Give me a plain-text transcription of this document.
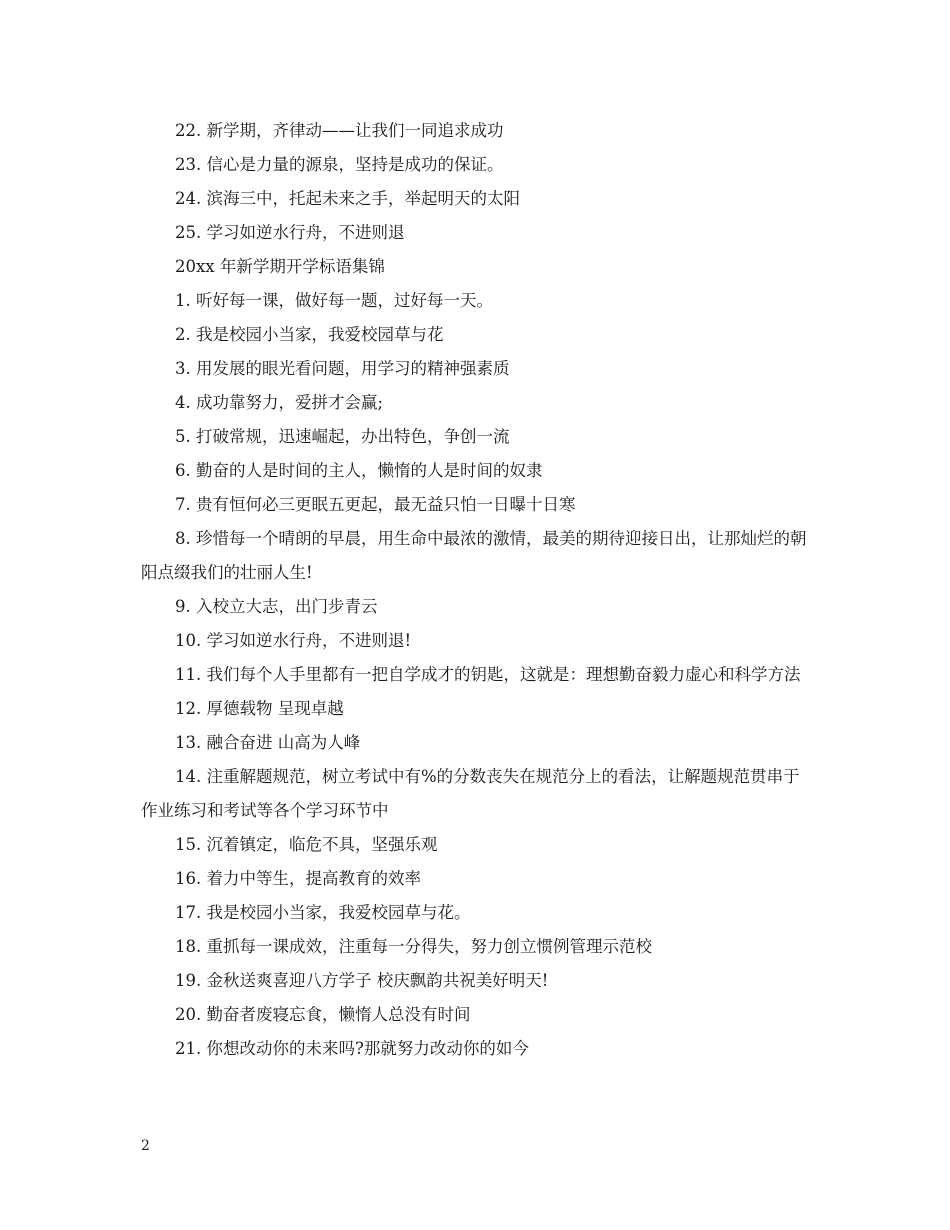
22. 新学期，齐律动——让我们一同追求成功

23. 信心是力量的源泉，坚持是成功的保证。

24. 滨海三中，托起未来之手，举起明天的太阳

25. 学习如逆水行舟，不进则退

20xx 年新学期开学标语集锦

1. 听好每一课，做好每一题，过好每一天。

2. 我是校园小当家，我爱校园草与花

3. 用发展的眼光看问题，用学习的精神强素质

4. 成功靠努力，爱拼才会赢;

5. 打破常规，迅速崛起，办出特色，争创一流

6. 勤奋的人是时间的主人，懒惰的人是时间的奴隶

7. 贵有恒何必三更眠五更起，最无益只怕一日曝十日寒

8. 珍惜每一个晴朗的早晨，用生命中最浓的激情，最美的期待迎接日出，让那灿烂的朝阳点缀我们的壮丽人生!

9. 入校立大志，出门步青云

10. 学习如逆水行舟，不进则退!

11. 我们每个人手里都有一把自学成才的钥匙，这就是：理想勤奋毅力虚心和科学方法

12. 厚德载物 呈现卓越

13. 融合奋进 山高为人峰

14. 注重解题规范，树立考试中有%的分数丧失在规范分上的看法，让解题规范贯串于作业练习和考试等各个学习环节中

15. 沉着镇定，临危不具，坚强乐观

16. 着力中等生，提高教育的效率

17. 我是校园小当家，我爱校园草与花。

18. 重抓每一课成效，注重每一分得失，努力创立惯例管理示范校

19. 金秋送爽喜迎八方学子 校庆飘韵共祝美好明天!

20. 勤奋者废寝忘食，懒惰人总没有时间

21. 你想改动你的未来吗?那就努力改动你的如今

2
